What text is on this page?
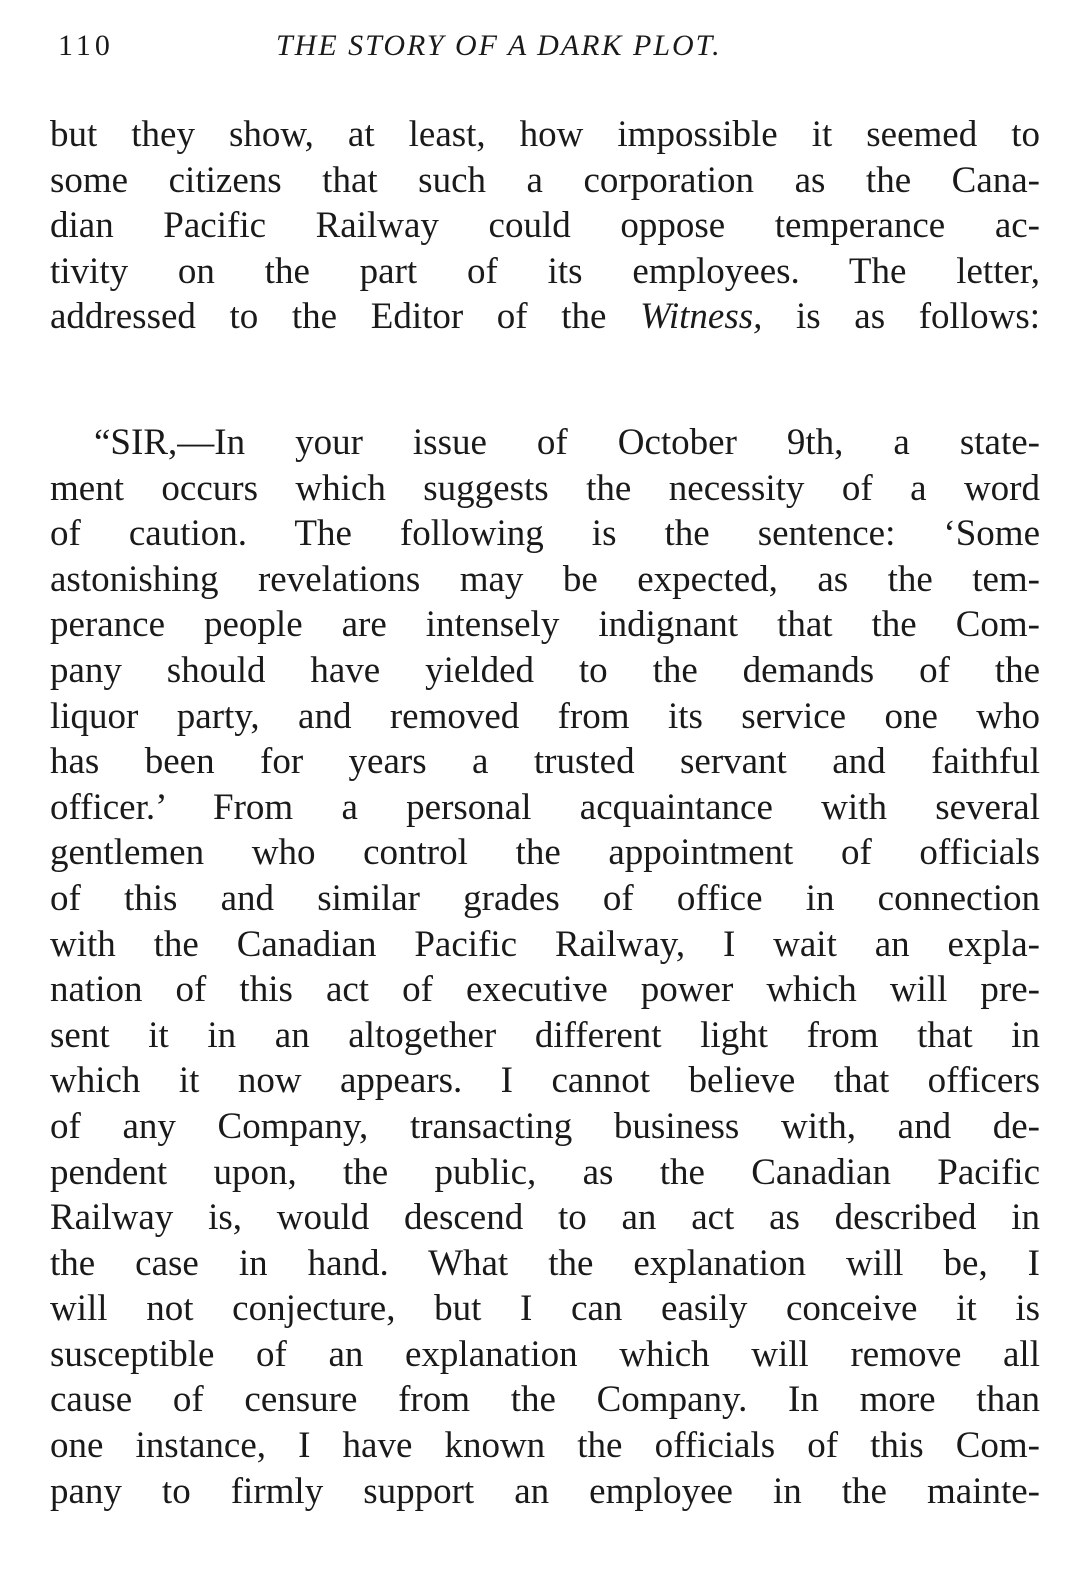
110	THE STORY OF A DARK PLOT.
but they show, at least, how impossible it seemed to
some citizens that such a corporation as the Cana-
dian Pacific Railway could oppose temperance ac-
tivity on the part of its employees. The letter,
addressed to the Editor of the Witness, is as follows:
“SIR,—In your issue of October 9th, a state-
ment occurs which suggests the necessity of a word
of caution. The following is the sentence: ‘Some
astonishing revelations may be expected, as the tem-
perance people are intensely indignant that the Com-
pany should have yielded to the demands of the
liquor party, and removed from its service one who
has been for years a trusted servant and faithful
officer.’ From a personal acquaintance with several
gentlemen who control the appointment of officials
of this and similar grades of office in connection
with the Canadian Pacific Railway, I wait an expla-
nation of this act of executive power which will pre-
sent it in an altogether different light from that in
which it now appears. I cannot believe that officers
of any Company, transacting business with, and de-
pendent upon, the public, as the Canadian Pacific
Railway is, would descend to an act as described in
the case in hand. What the explanation will be, I
will not conjecture, but I can easily conceive it is
susceptible of an explanation which will remove all
cause of censure from the Company. In more than
one instance, I have known the officials of this Com-
pany to firmly support an employee in the mainte-
